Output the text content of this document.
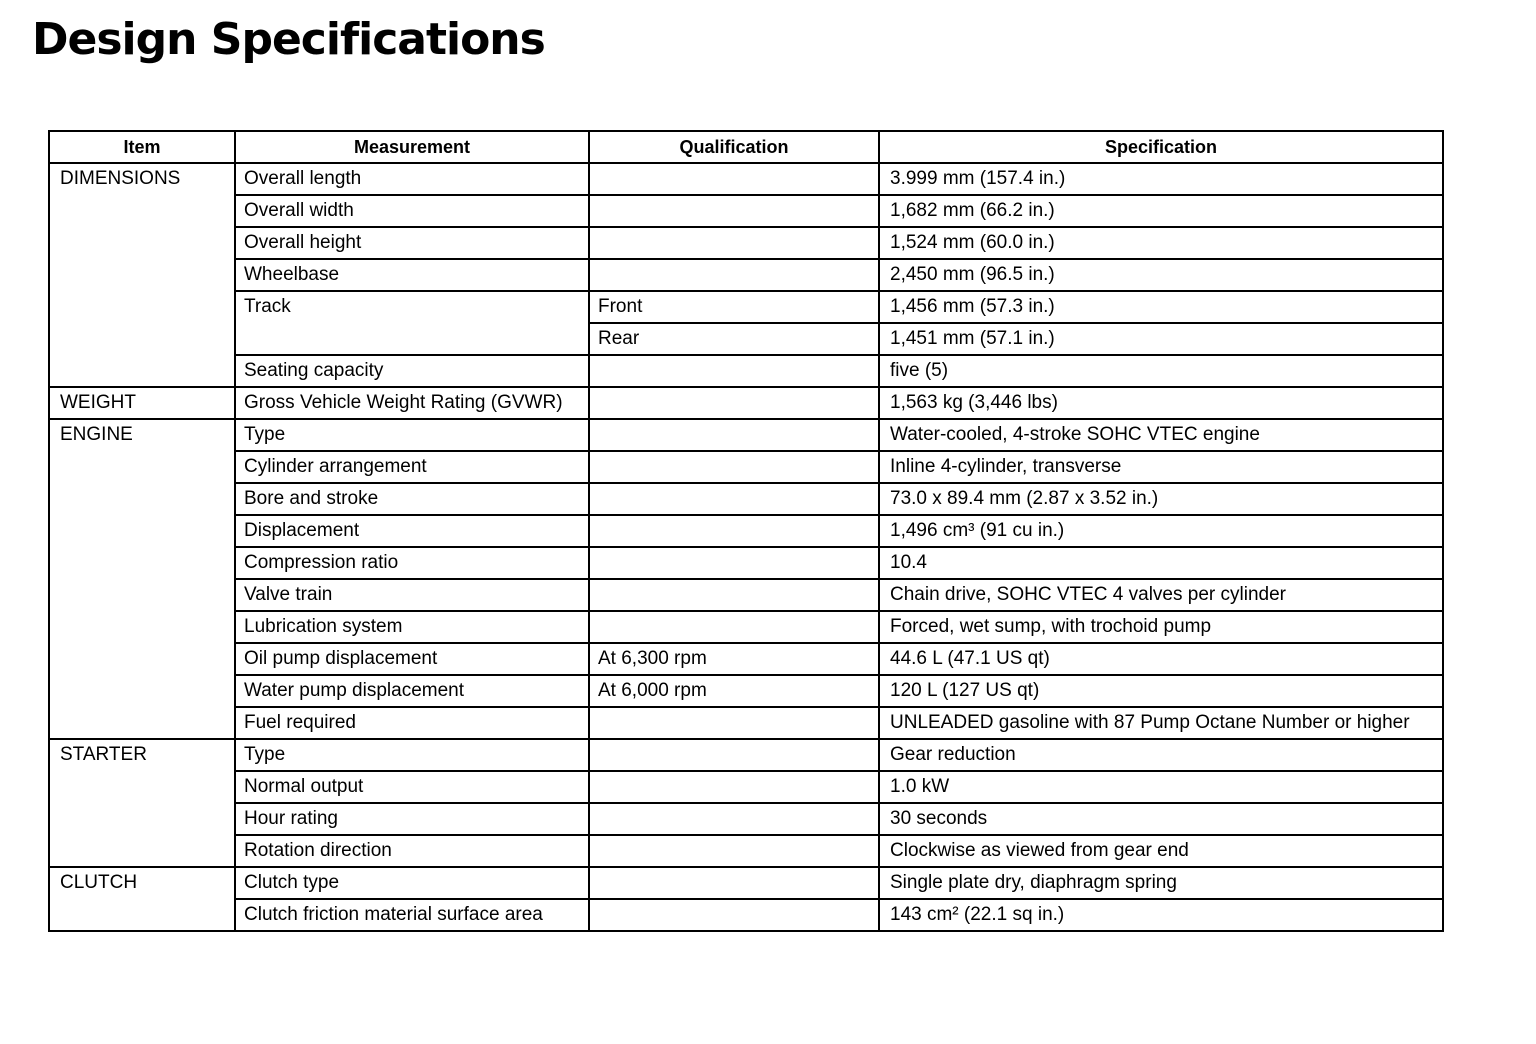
Design Specifications
Item	Measurement	Qualification	Specification
DIMENSIONS	Overall length		3.999 mm (157.4 in.)
	Overall width		1,682 mm (66.2 in.)
	Overall height		1,524 mm (60.0 in.)
	Wheelbase		2,450 mm (96.5 in.)
	Track	Front	1,456 mm (57.3 in.)
		Rear	1,451 mm (57.1 in.)
	Seating capacity		five (5)
WEIGHT	Gross Vehicle Weight Rating (GVWR)		1,563 kg (3,446 lbs)
ENGINE	Type		Water-cooled, 4-stroke SOHC VTEC engine
	Cylinder arrangement		Inline 4-cylinder, transverse
	Bore and stroke		73.0 x 89.4 mm (2.87 x 3.52 in.)
	Displacement		1,496 cm³ (91 cu in.)
	Compression ratio		10.4
	Valve train		Chain drive, SOHC VTEC 4 valves per cylinder
	Lubrication system		Forced, wet sump, with trochoid pump
	Oil pump displacement	At 6,300 rpm	44.6 L (47.1 US qt)
	Water pump displacement	At 6,000 rpm	120 L (127 US qt)
	Fuel required		UNLEADED gasoline with 87 Pump Octane Number or higher
STARTER	Type		Gear reduction
	Normal output		1.0 kW
	Hour rating		30 seconds
	Rotation direction		Clockwise as viewed from gear end
CLUTCH	Clutch type		Single plate dry, diaphragm spring
	Clutch friction material surface area		143 cm² (22.1 sq in.)
